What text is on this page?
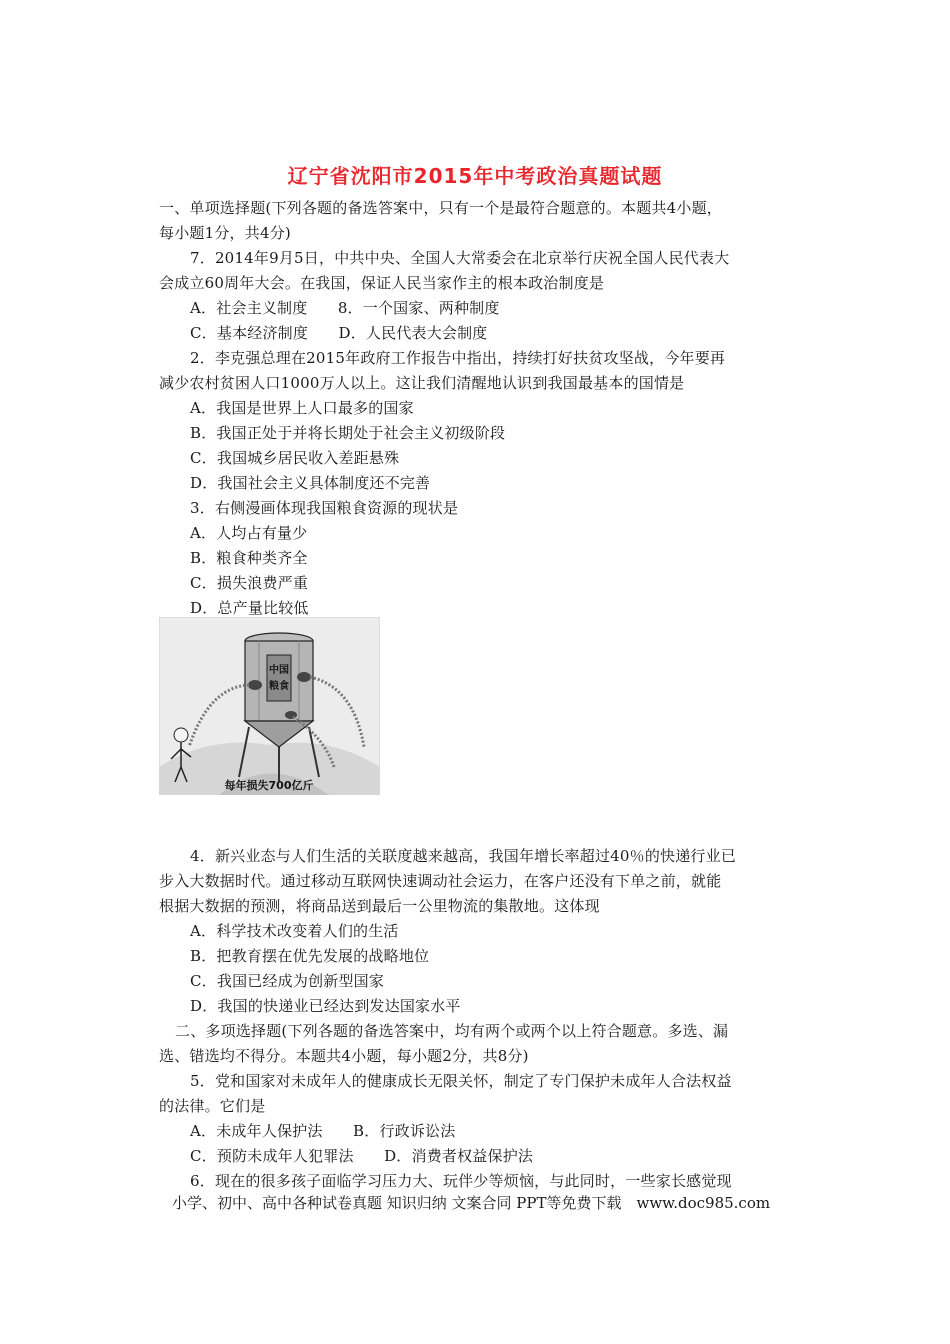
辽宁省沈阳市2015年中考政治真题试题
一、单项选择题(下列各题的备选答案中，只有一个是最符合题意的。本题共4小题，
每小题1分，共4分)
7．2014年9月5日，中共中央、全国人大常委会在北京举行庆祝全国人民代表大
会成立60周年大会。在我国，保证人民当家作主的根本政治制度是
A．社会主义制度　　8．一个国家、两种制度
C．基本经济制度　　D．人民代表大会制度
2．李克强总理在2015年政府工作报告中指出，持续打好扶贫攻坚战，今年要再
减少农村贫困人口1000万人以上。这让我们清醒地认识到我国最基本的国情是
A．我国是世界上人口最多的国家
B．我国正处于并将长期处于社会主义初级阶段
C．我国城乡居民收入差距悬殊
D．我国社会主义具体制度还不完善
3．右侧漫画体现我国粮食资源的现状是
A．人均占有量少
B．粮食种类齐全
C．损失浪费严重
D．总产量比较低
中国
粮食
每年损失700亿斤
4．新兴业态与人们生活的关联度越来越高，我国年增长率超过40％的快递行业已
步入大数据时代。通过移动互联网快速调动社会运力，在客户还没有下单之前，就能
根据大数据的预测，将商品送到最后一公里物流的集散地。这体现
A．科学技术改变着人们的生活
B．把教育摆在优先发展的战略地位
C．我国已经成为创新型国家
D．我国的快递业已经达到发达国家水平
二、多项选择题(下列各题的备选答案中，均有两个或两个以上符合题意。多选、漏
选、错选均不得分。本题共4小题，每小题2分，共8分)
5．党和国家对未成年人的健康成长无限关怀，制定了专门保护未成年人合法权益
的法律。它们是
A．未成年人保护法　　B．行政诉讼法
C．预防未成年人犯罪法　　D．消费者权益保护法
6．现在的很多孩子面临学习压力大、玩伴少等烦恼，与此同时，一些家长感觉现
小学、初中、高中各种试卷真题 知识归纳 文案合同 PPT等免费下载　www.doc985.com
